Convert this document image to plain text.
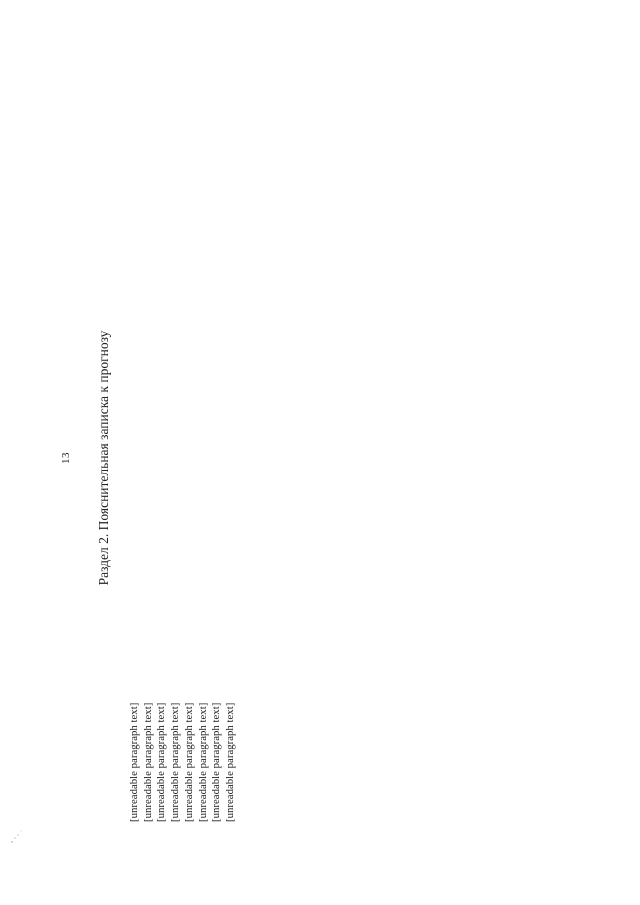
13 Раздел 2. Пояснительная записка к прогнозу

[unreadable paragraph text] [unreadable paragraph text] [unreadable paragraph text] [unreadable paragraph text] [unreadable paragraph text] [unreadable paragraph text] [unreadable paragraph text] [unreadable paragraph text]
